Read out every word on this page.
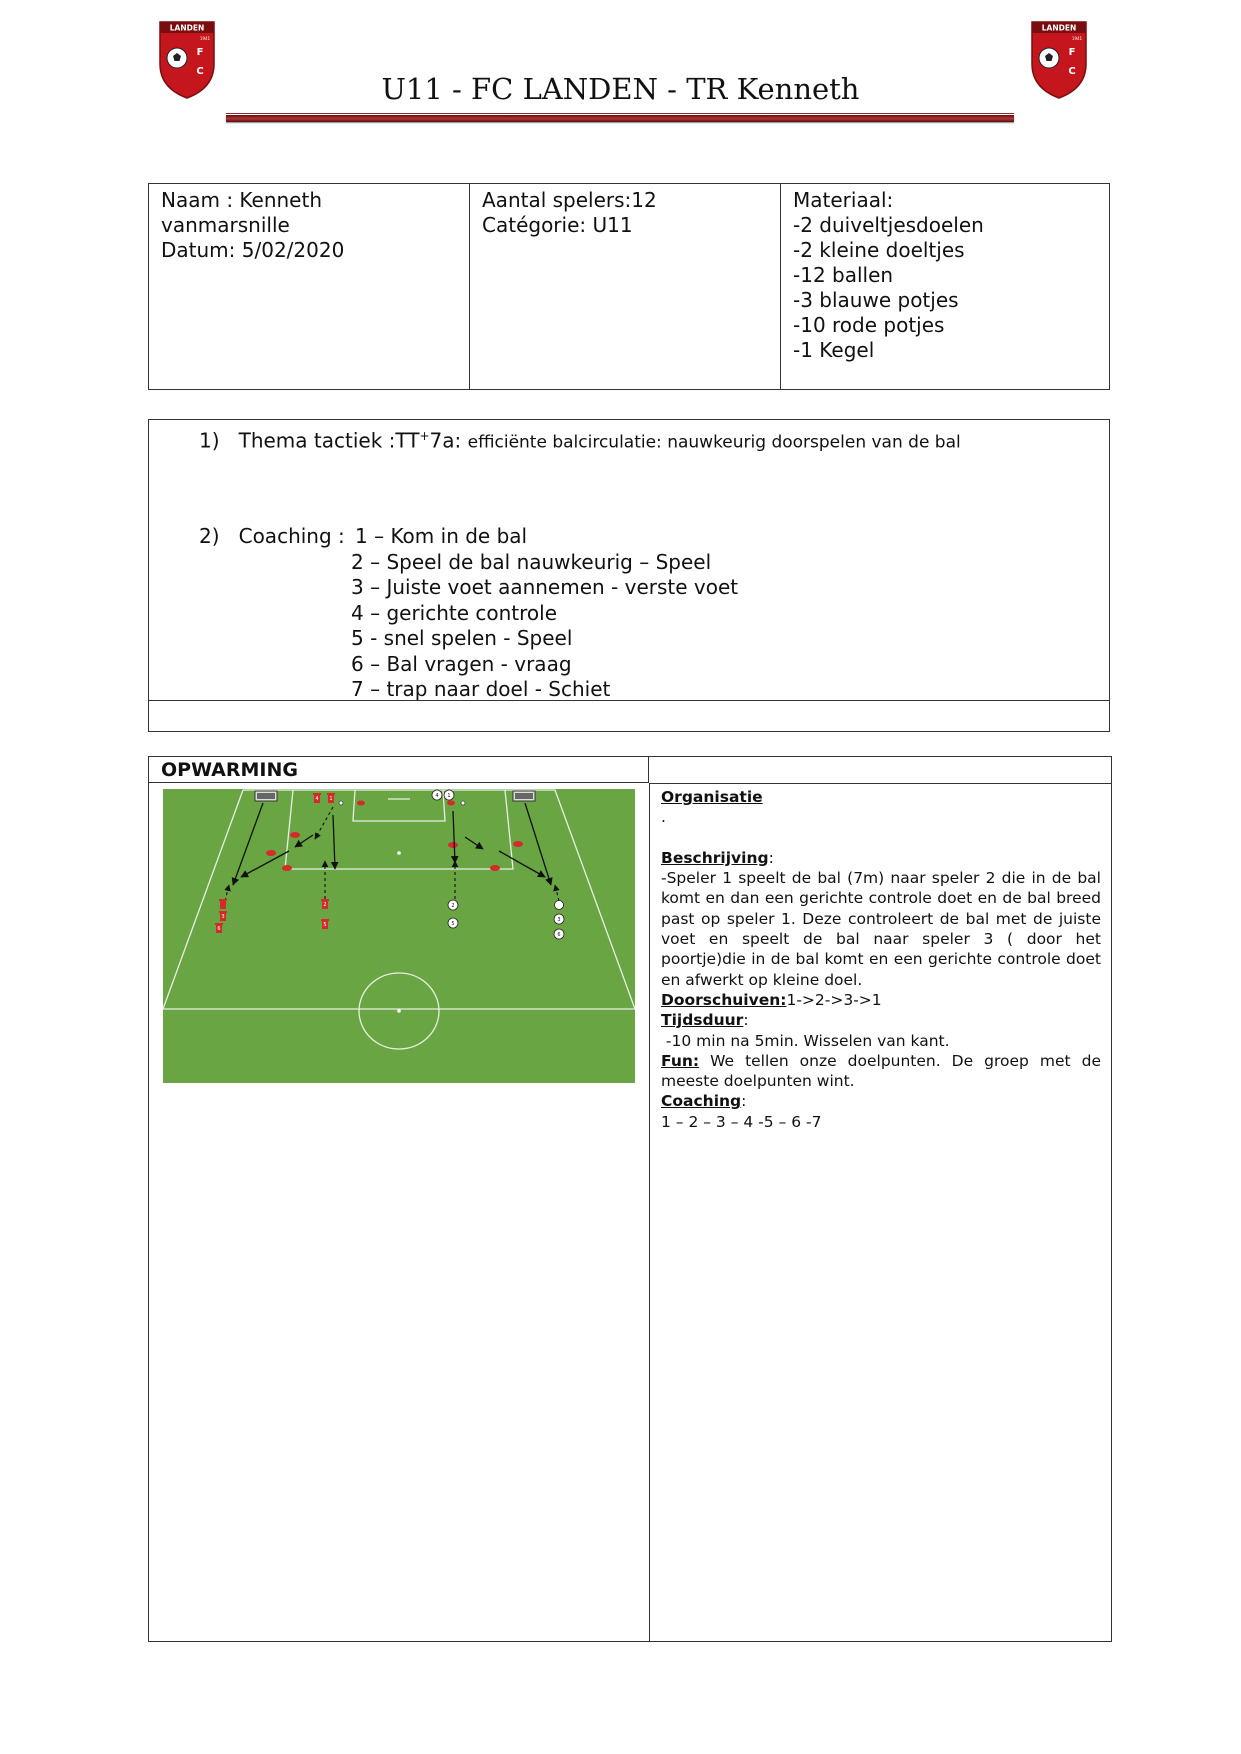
LANDEN
1941
F
C
LANDEN
1941
F
C
U11 - FC LANDEN - TR Kenneth
Naam : Kenneth
vanmarsnille
Datum: 5/02/2020

Aantal spelers:12
Catégorie: U11

Materiaal:
-2 duiveltjesdoelen
-2 kleine doeltjes
-12 ballen
-3 blauwe potjes
-10 rode potjes
-1 Kegel
1) Thema tactiek :TT+7a: efficiënte balcirculatie: nauwkeurig doorspelen van de bal
2) Coaching : 1 – Kom in de bal
2 – Speel de bal nauwkeurig – Speel
3 – Juiste voet aannemen - verste voet
4 – gerichte controle
5 - snel spelen - Speel
6 – Bal vragen - vraag
7 – trap naar doel - Schiet
OPWARMING
4 1
3
6
2
5
4 1
2
5
3
6

Organisatie

.

Beschrijving:

-Speler 1 speelt de bal (7m) naar speler 2 die in de bal komt en dan een gerichte controle doet en de bal breed past op speler 1. Deze controleert de bal met de juiste voet en speelt de bal naar speler 3 ( door het poortje)die in de bal komt en een gerichte controle doet en afwerkt op kleine doel.

Doorschuiven:1->2->3->1

Tijdsduur:

-10 min na 5min. Wisselen van kant.

Fun: We tellen onze doelpunten. De groep met de meeste doelpunten wint.

Coaching:

1 – 2 – 3 – 4 -5 – 6 -7
